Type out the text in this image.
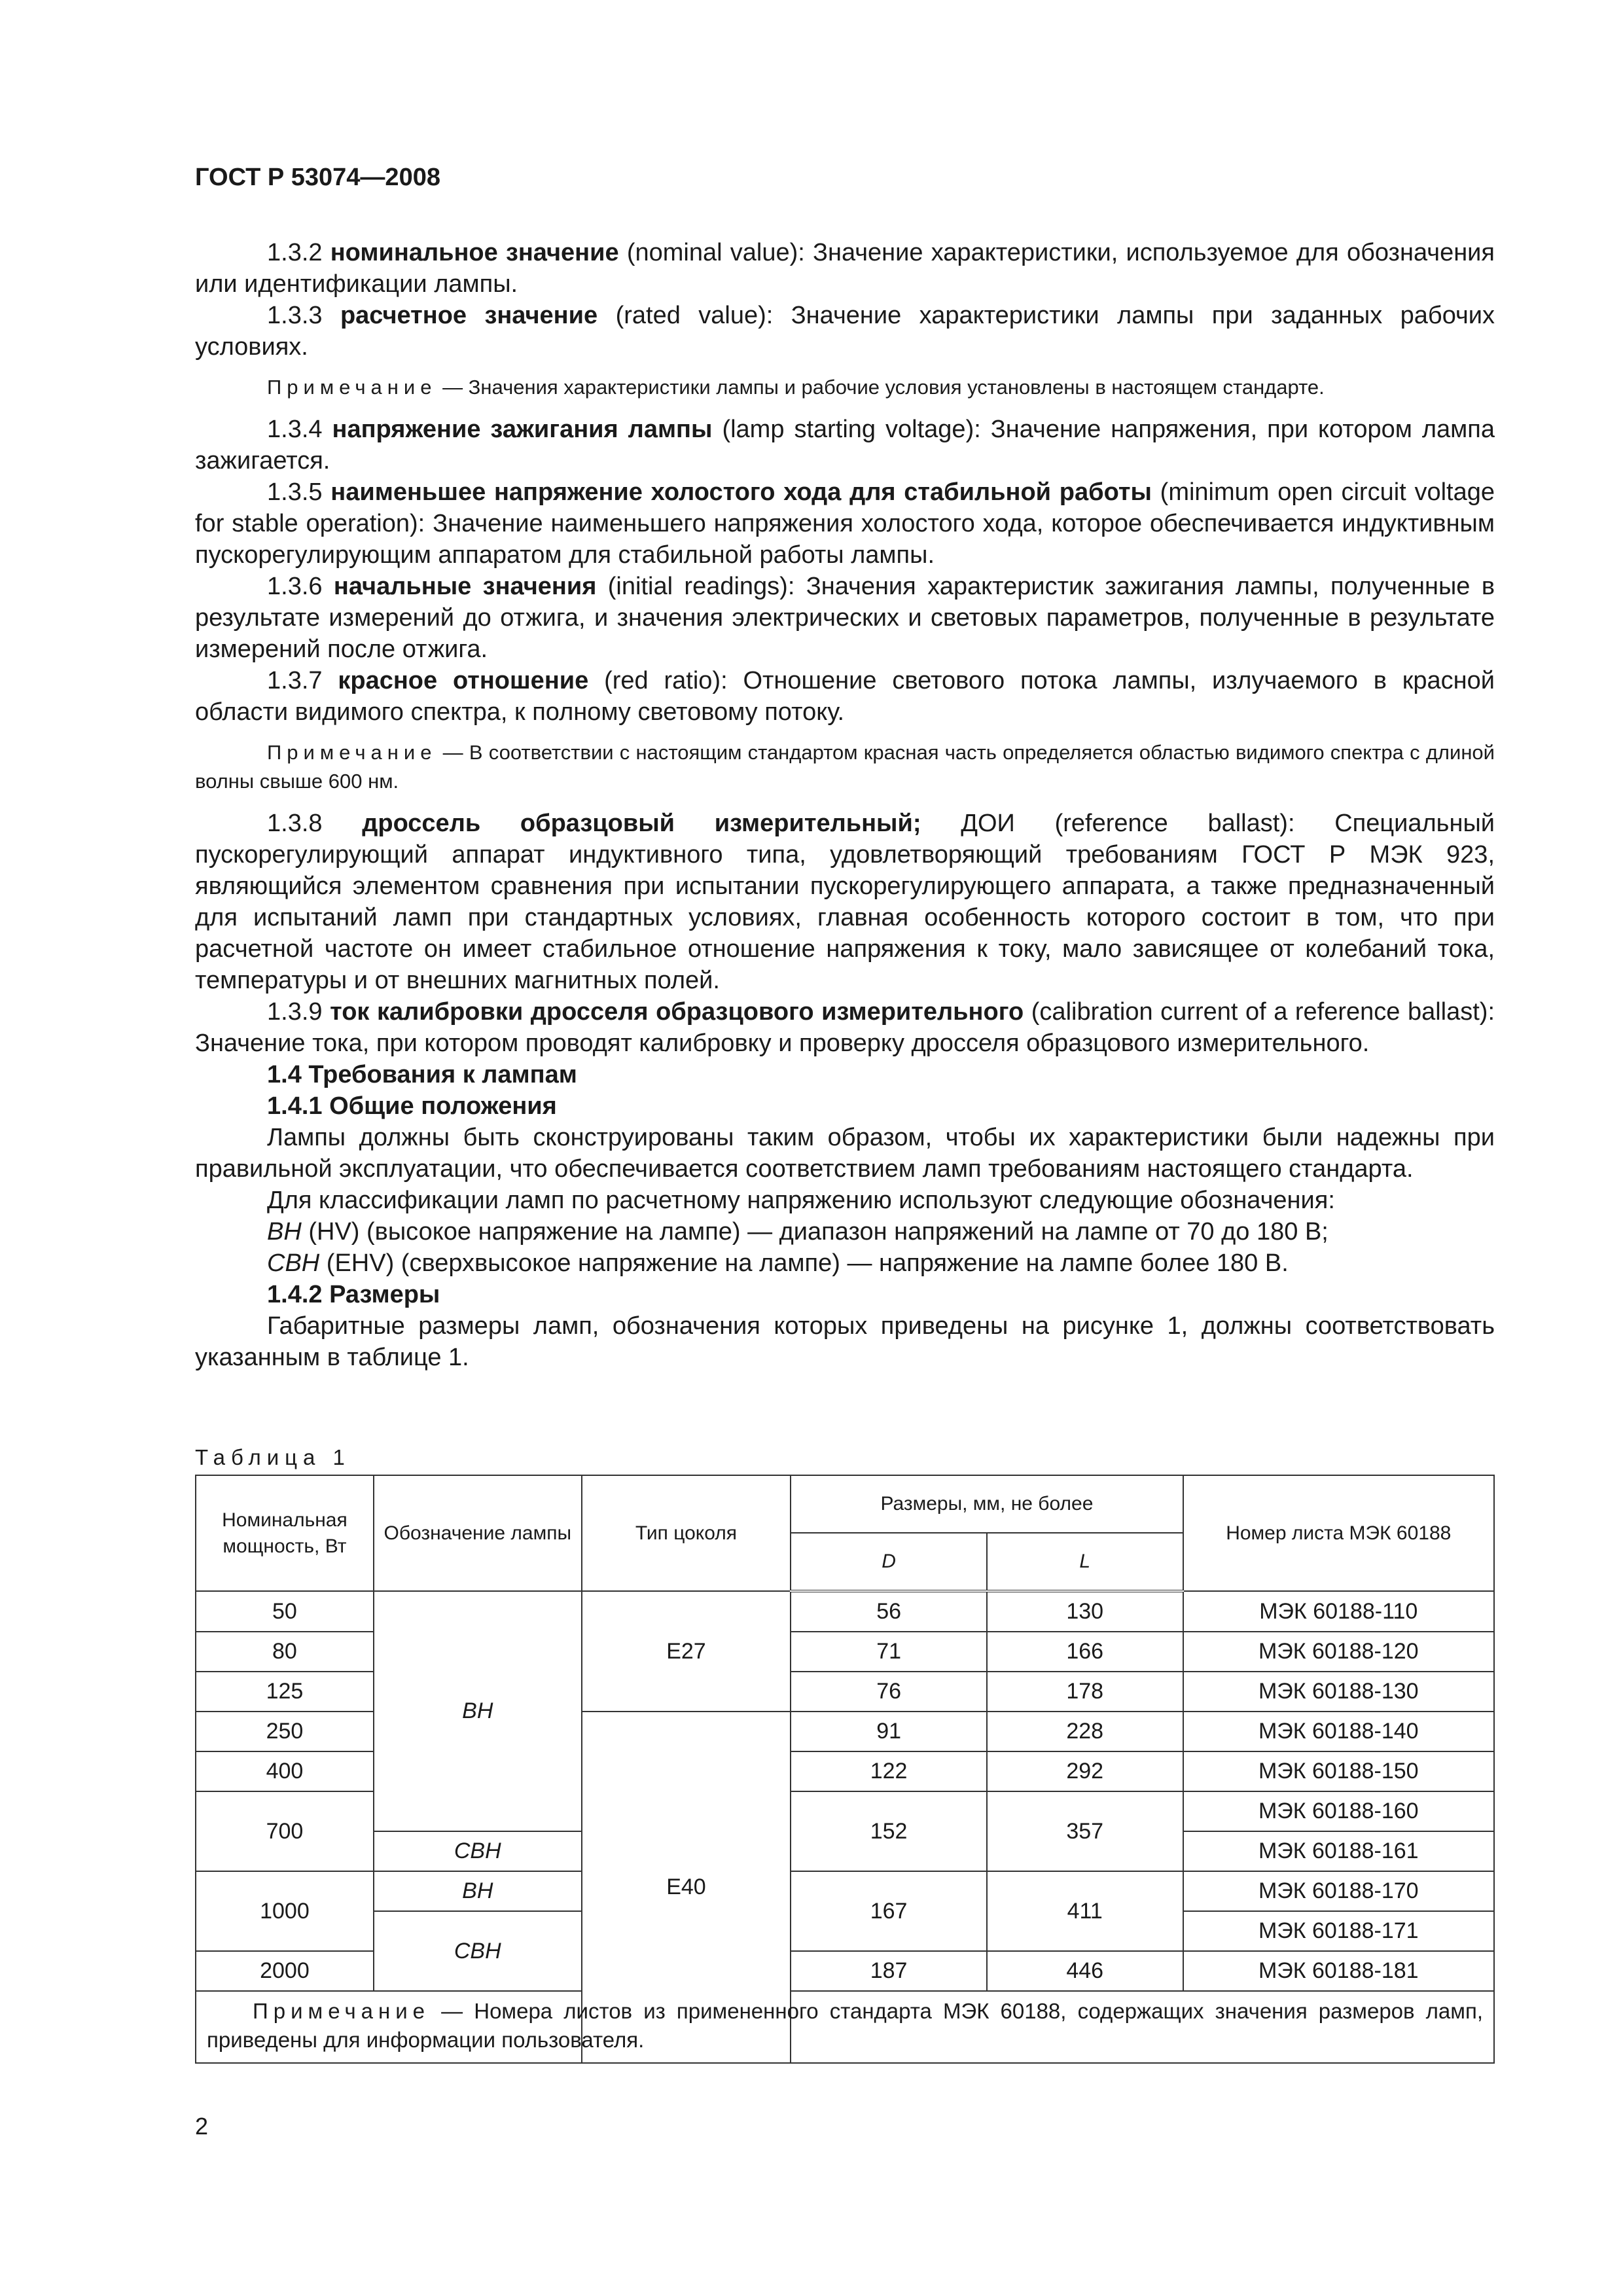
ГОСТ Р 53074—2008

1.3.2 номинальное значение (nominal value): Значение характеристики, используемое для обозначения или идентификации лампы.

1.3.3 расчетное значение (rated value): Значение характеристики лампы при заданных рабочих условиях.

Примечание — Значения характеристики лампы и рабочие условия установлены в настоящем стандарте.

1.3.4 напряжение зажигания лампы (lamp starting voltage): Значение напряжения, при котором лампа зажигается.

1.3.5 наименьшее напряжение холостого хода для стабильной работы (minimum open circuit voltage for stable operation): Значение наименьшего напряжения холостого хода, которое обеспечивается индуктивным пускорегулирующим аппаратом для стабильной работы лампы.

1.3.6 начальные значения (initial readings): Значения характеристик зажигания лампы, полученные в результате измерений до отжига, и значения электрических и световых параметров, полученные в результате измерений после отжига.

1.3.7 красное отношение (red ratio): Отношение светового потока лампы, излучаемого в красной области видимого спектра, к полному световому потоку.

Примечание — В соответствии с настоящим стандартом красная часть определяется областью видимого спектра с длиной волны свыше 600 нм.

1.3.8 дроссель образцовый измерительный; ДОИ (reference ballast): Специальный пускорегулирующий аппарат индуктивного типа, удовлетворяющий требованиям ГОСТ Р МЭК 923, являющийся элементом сравнения при испытании пускорегулирующего аппарата, а также предназначенный для испытаний ламп при стандартных условиях, главная особенность которого состоит в том, что при расчетной частоте он имеет стабильное отношение напряжения к току, мало зависящее от колебаний тока, температуры и от внешних магнитных полей.

1.3.9 ток калибровки дросселя образцового измерительного (calibration current of a reference ballast): Значение тока, при котором проводят калибровку и проверку дросселя образцового измерительного.

1.4 Требования к лампам

1.4.1 Общие положения

Лампы должны быть сконструированы таким образом, чтобы их характеристики были надежны при правильной эксплуатации, что обеспечивается соответствием ламп требованиям настоящего стандарта.

Для классификации ламп по расчетному напряжению используют следующие обозначения:

ВН (HV) (высокое напряжение на лампе) — диапазон напряжений на лампе от 70 до 180 В;

СВН (EHV) (сверхвысокое напряжение на лампе) — напряжение на лампе более 180 В.

1.4.2 Размеры

Габаритные размеры ламп, обозначения которых приведены на рисунке 1, должны соответствовать указанным в таблице 1.

Таблица 1
Номинальная мощность, Вт	Обозначение лампы	Тип цоколя	Размеры, мм, не более		Номер листа МЭК 60188
			D	L	
50	ВН	E27	56	130	МЭК 60188-110
80			71	166	МЭК 60188-120
125			76	178	МЭК 60188-130
250		E40	91	228	МЭК 60188-140
400			122	292	МЭК 60188-150
700			152	357	МЭК 60188-160
	СВН				МЭК 60188-161
1000	ВН		167	411	МЭК 60188-170
	СВН				МЭК 60188-171
2000			187	446	МЭК 60188-181
Примечание — Номера листов из примененного стандарта МЭК 60188, содержащих значения размеров ламп, приведены для информации пользователя.					
2
